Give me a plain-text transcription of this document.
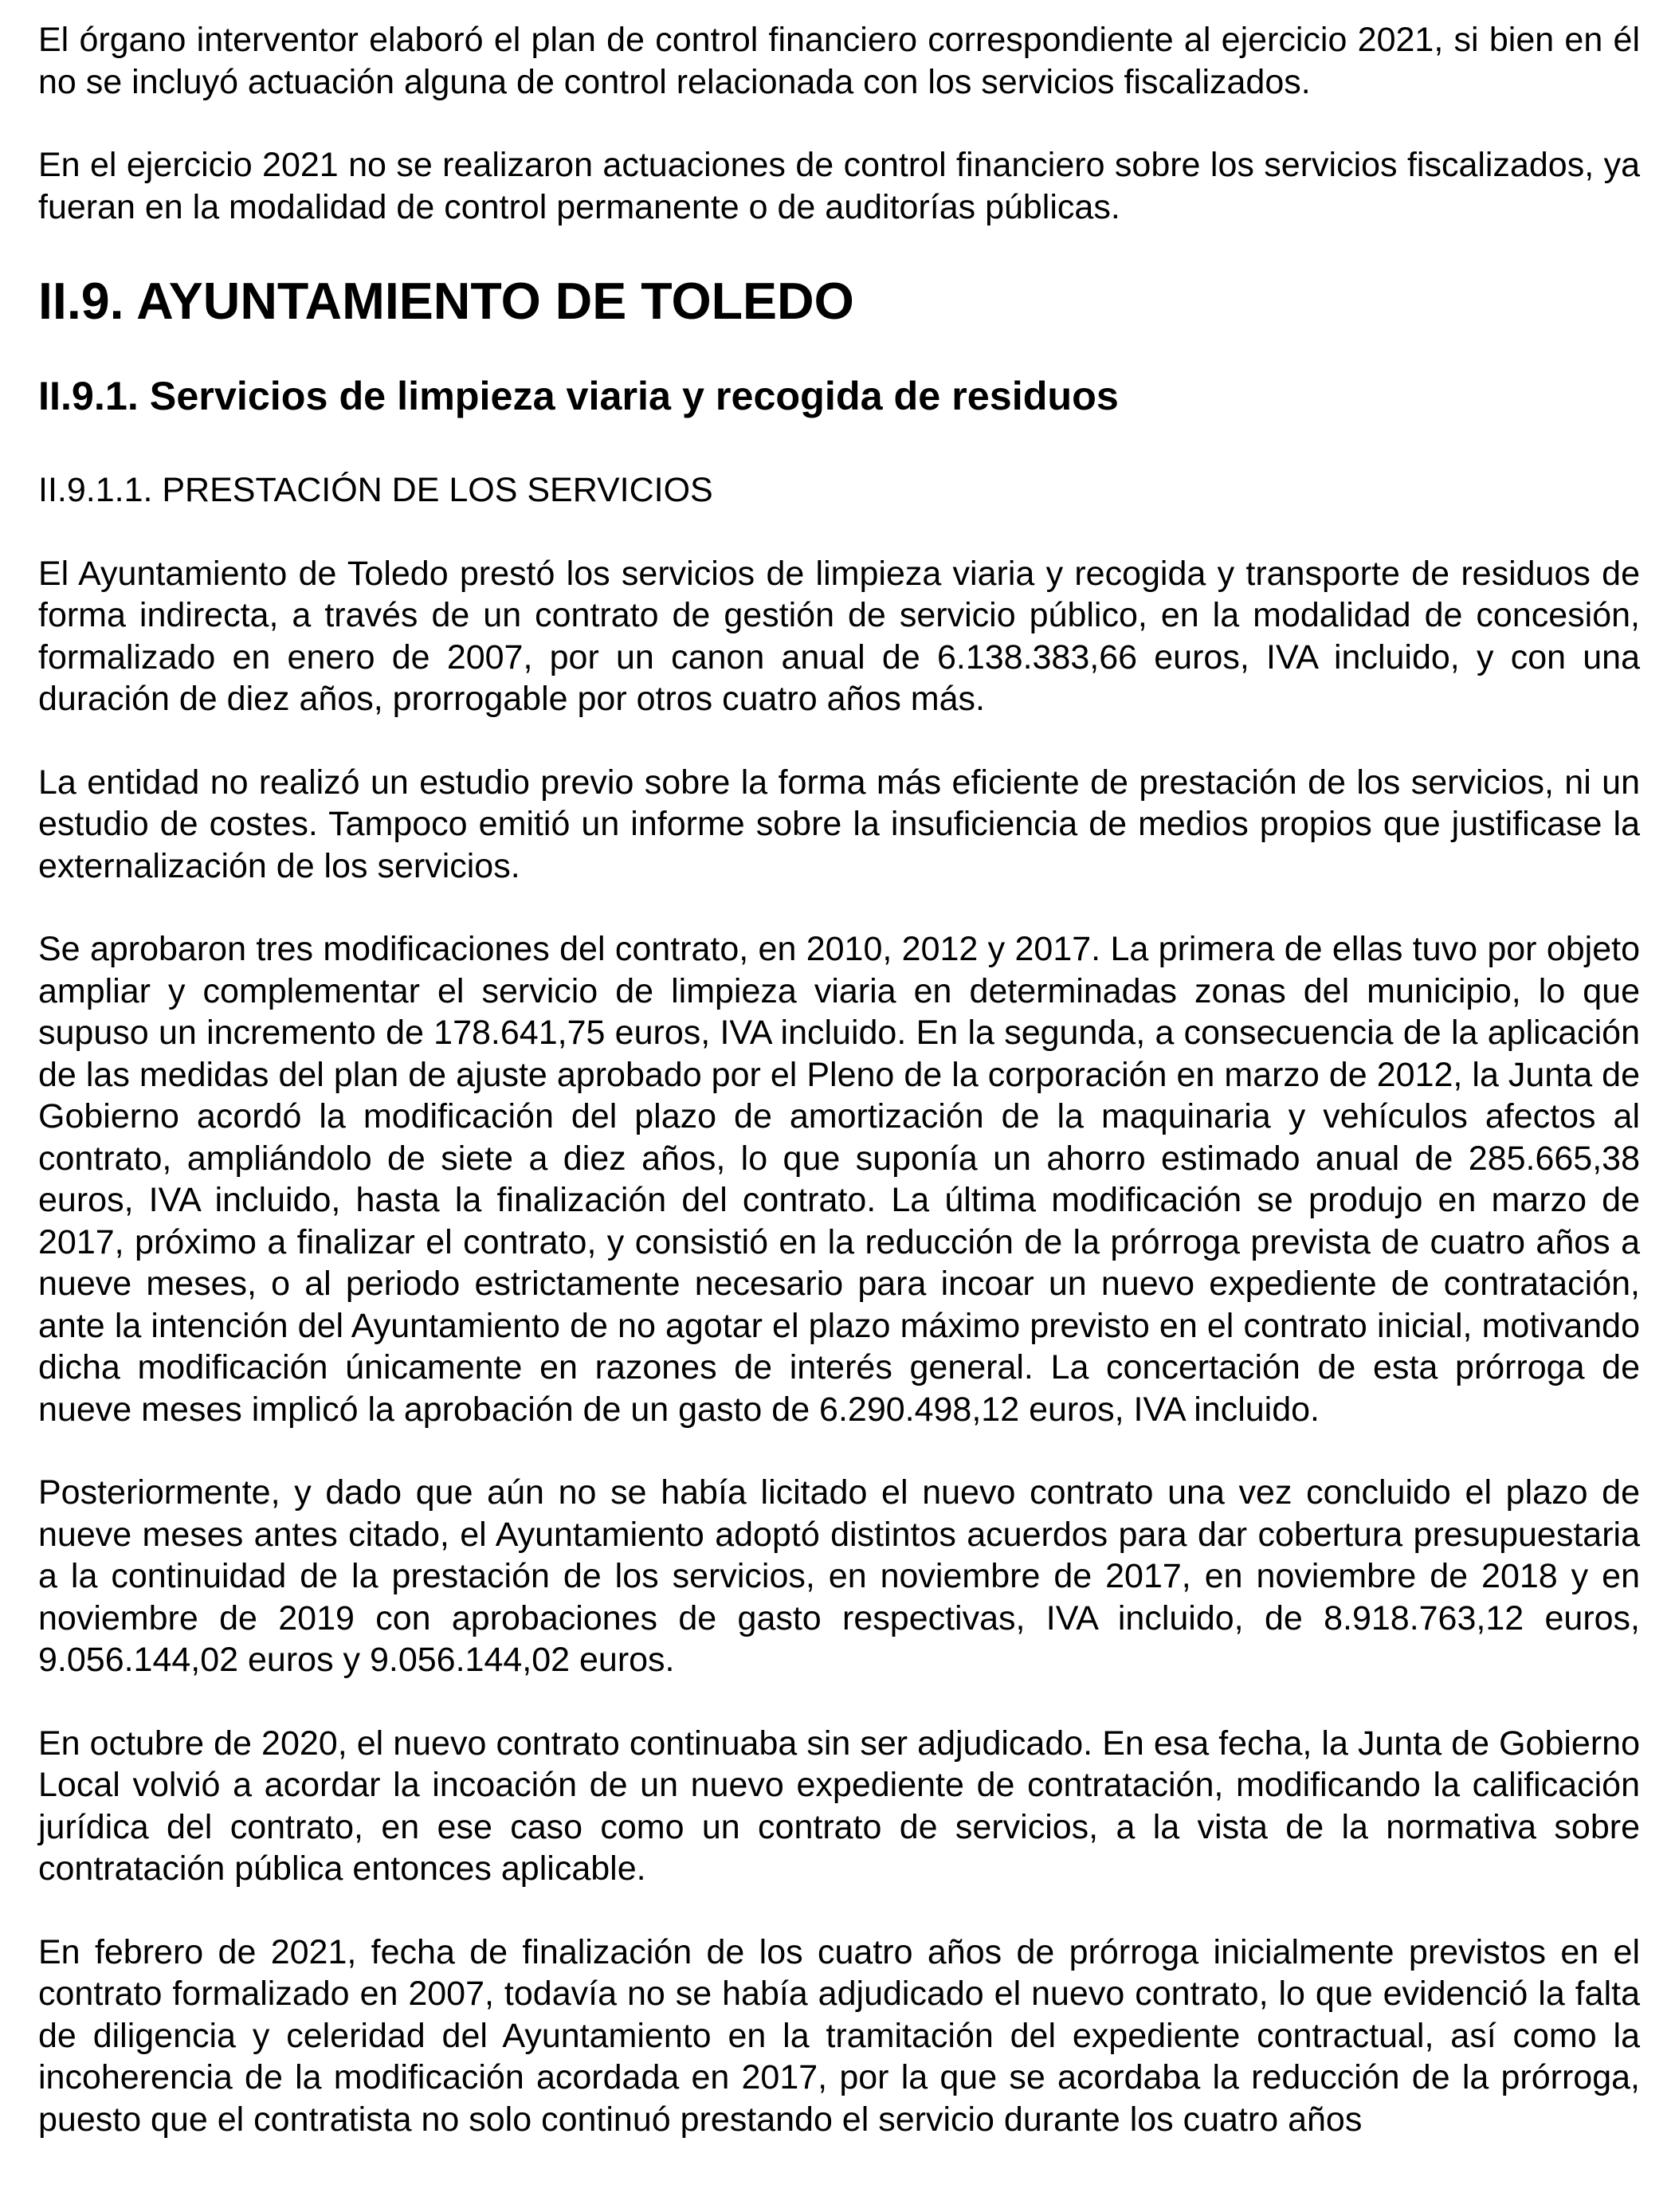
El órgano interventor elaboró el plan de control financiero correspondiente al ejercicio 2021, si bien en él no se incluyó actuación alguna de control relacionada con los servicios fiscalizados.

En el ejercicio 2021 no se realizaron actuaciones de control financiero sobre los servicios fiscalizados, ya fueran en la modalidad de control permanente o de auditorías públicas.

II.9. AYUNTAMIENTO DE TOLEDO
II.9.1. Servicios de limpieza viaria y recogida de residuos
II.9.1.1. PRESTACIÓN DE LOS SERVICIOS

El Ayuntamiento de Toledo prestó los servicios de limpieza viaria y recogida y transporte de residuos de forma indirecta, a través de un contrato de gestión de servicio público, en la modalidad de concesión, formalizado en enero de 2007, por un canon anual de 6.138.383,66 euros, IVA incluido, y con una duración de diez años, prorrogable por otros cuatro años más.

La entidad no realizó un estudio previo sobre la forma más eficiente de prestación de los servicios, ni un estudio de costes. Tampoco emitió un informe sobre la insuficiencia de medios propios que justificase la externalización de los servicios.

Se aprobaron tres modificaciones del contrato, en 2010, 2012 y 2017. La primera de ellas tuvo por objeto ampliar y complementar el servicio de limpieza viaria en determinadas zonas del municipio, lo que supuso un incremento de 178.641,75 euros, IVA incluido. En la segunda, a consecuencia de la aplicación de las medidas del plan de ajuste aprobado por el Pleno de la corporación en marzo de 2012, la Junta de Gobierno acordó la modificación del plazo de amortización de la maquinaria y vehículos afectos al contrato, ampliándolo de siete a diez años, lo que suponía un ahorro estimado anual de 285.665,38 euros, IVA incluido, hasta la finalización del contrato. La última modificación se produjo en marzo de 2017, próximo a finalizar el contrato, y consistió en la reducción de la prórroga prevista de cuatro años a nueve meses, o al periodo estrictamente necesario para incoar un nuevo expediente de contratación, ante la intención del Ayuntamiento de no agotar el plazo máximo previsto en el contrato inicial, motivando dicha modificación únicamente en razones de interés general. La concertación de esta prórroga de nueve meses implicó la aprobación de un gasto de 6.290.498,12 euros, IVA incluido.

Posteriormente, y dado que aún no se había licitado el nuevo contrato una vez concluido el plazo de nueve meses antes citado, el Ayuntamiento adoptó distintos acuerdos para dar cobertura presupuestaria a la continuidad de la prestación de los servicios, en noviembre de 2017, en noviembre de 2018 y en noviembre de 2019 con aprobaciones de gasto respectivas, IVA incluido, de 8.918.763,12 euros, 9.056.144,02 euros y 9.056.144,02 euros.

En octubre de 2020, el nuevo contrato continuaba sin ser adjudicado. En esa fecha, la Junta de Gobierno Local volvió a acordar la incoación de un nuevo expediente de contratación, modificando la calificación jurídica del contrato, en ese caso como un contrato de servicios, a la vista de la normativa sobre contratación pública entonces aplicable.

En febrero de 2021, fecha de finalización de los cuatro años de prórroga inicialmente previstos en el contrato formalizado en 2007, todavía no se había adjudicado el nuevo contrato, lo que evidenció la falta de diligencia y celeridad del Ayuntamiento en la tramitación del expediente contractual, así como la incoherencia de la modificación acordada en 2017, por la que se acordaba la reducción de la prórroga, puesto que el contratista no solo continuó prestando el servicio durante los cuatro años
